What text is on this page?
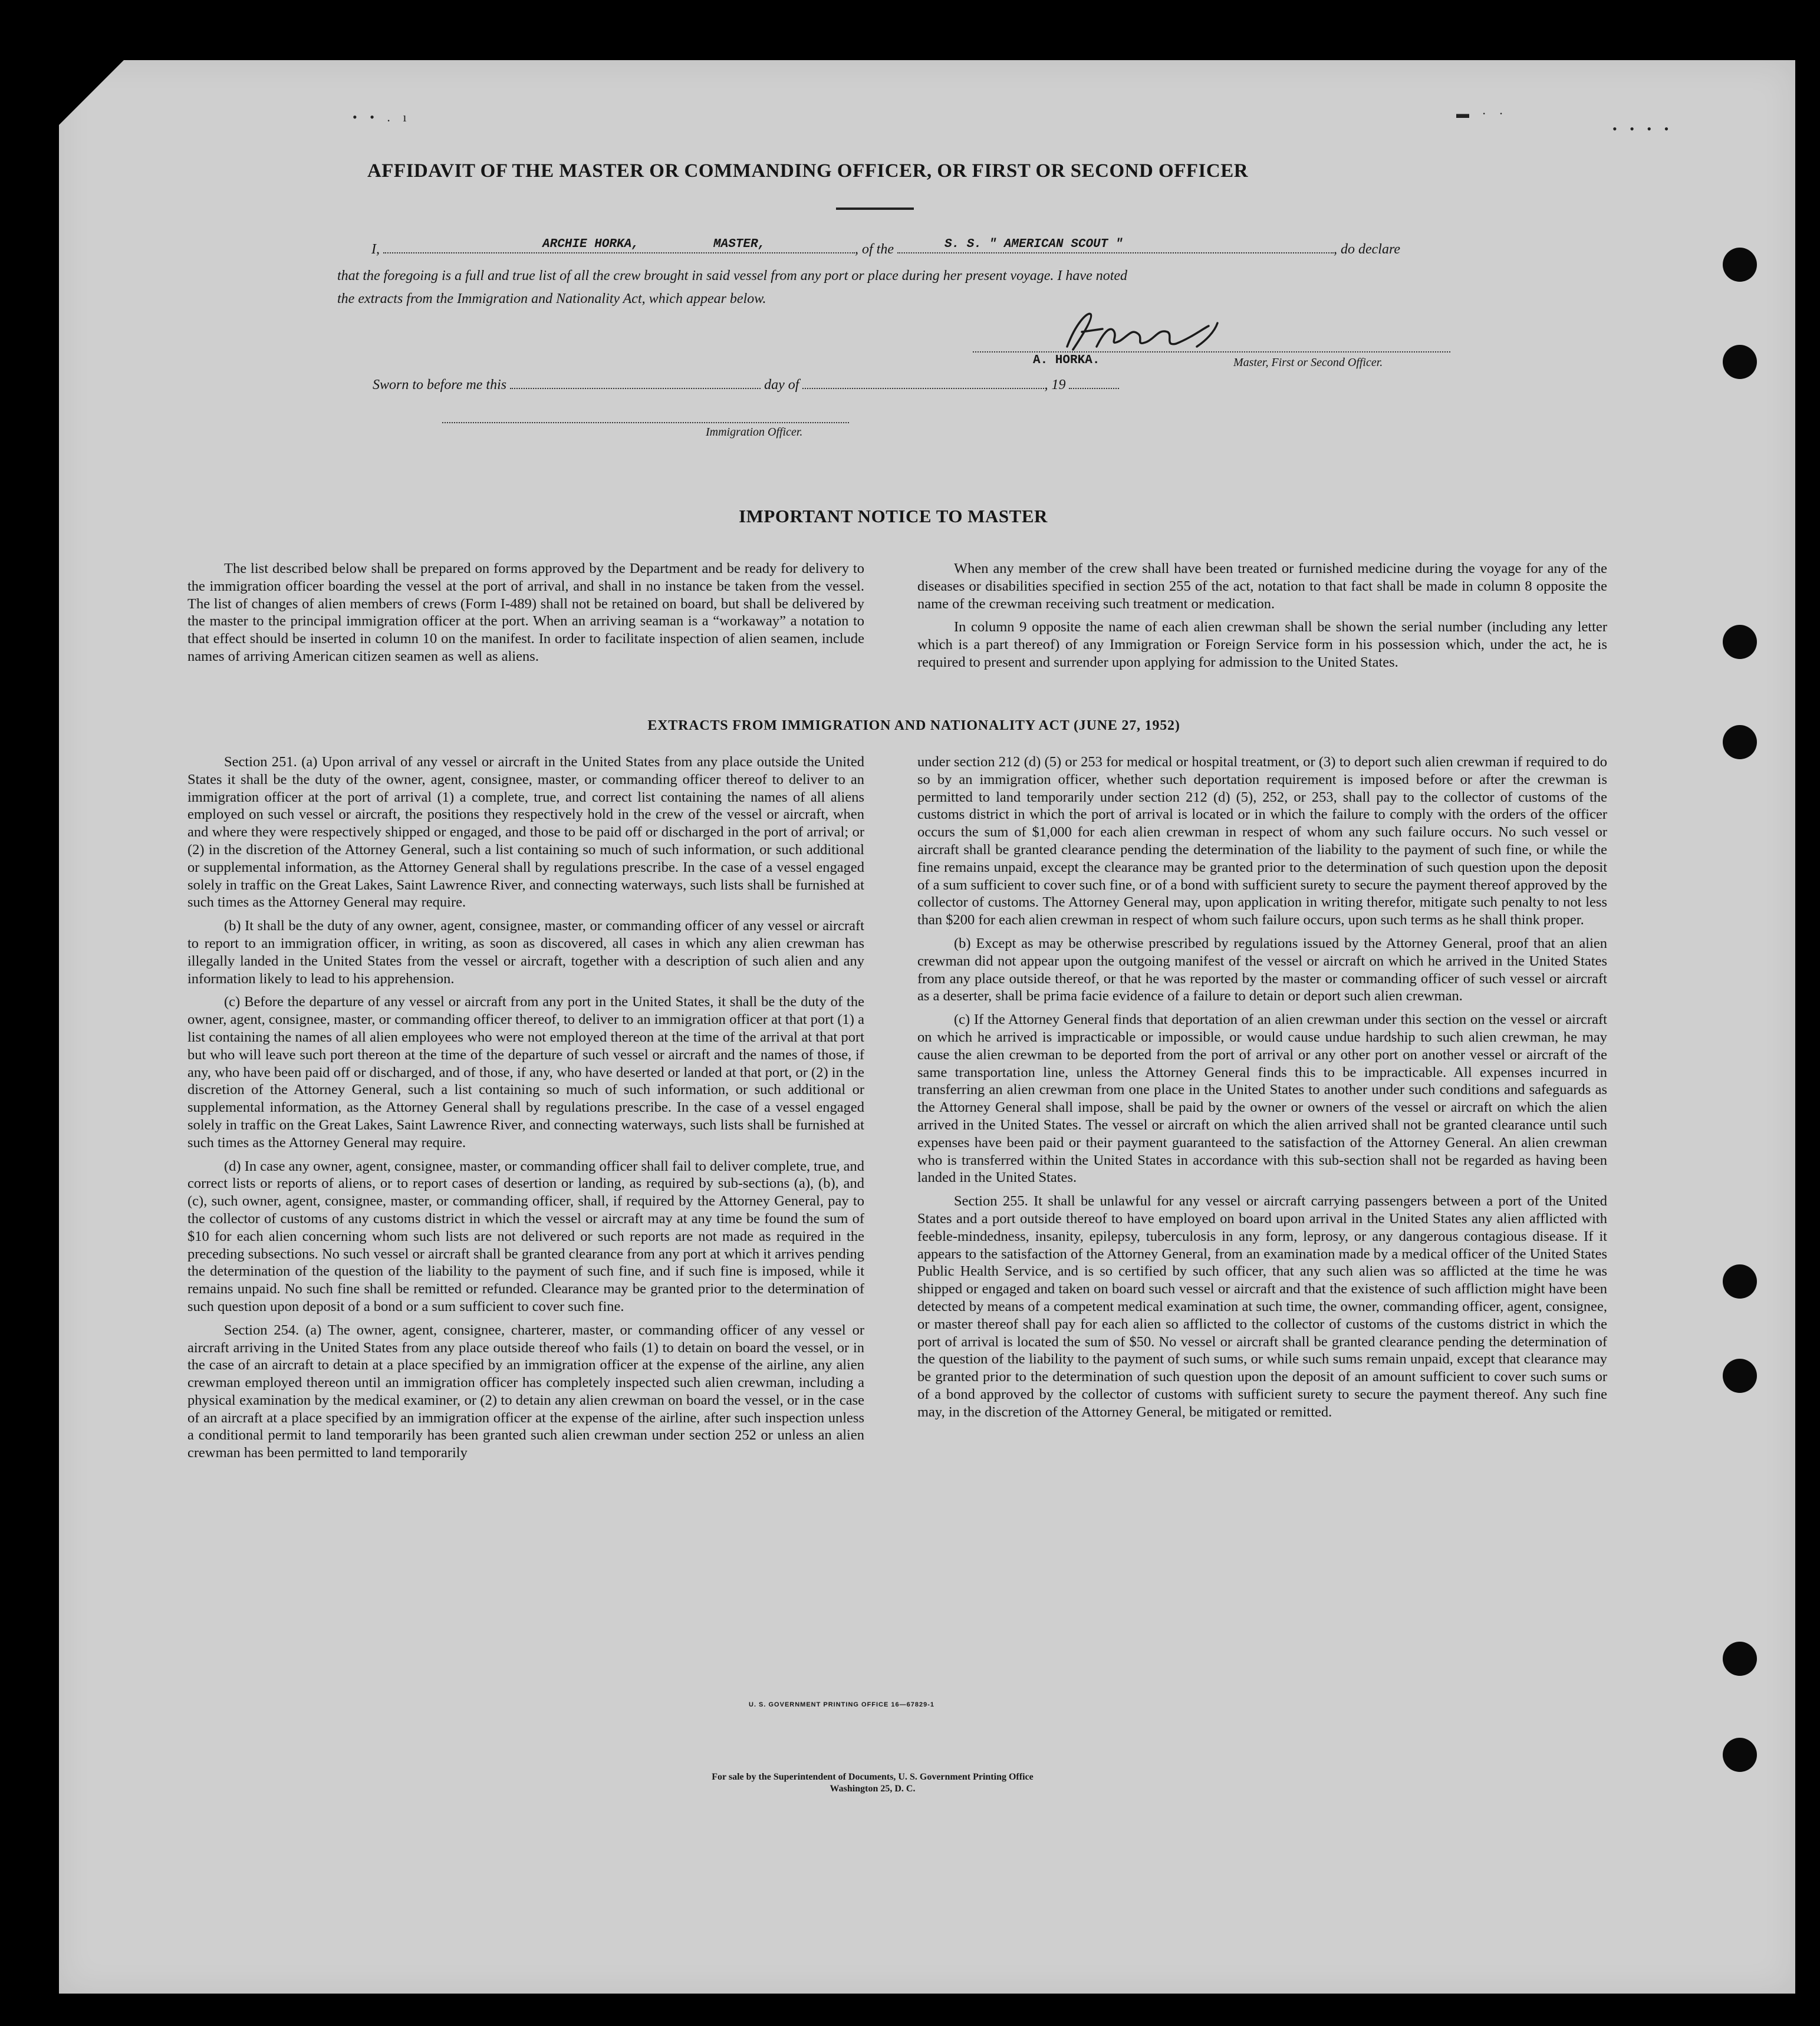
• • . ı	▬ · ·
• • • •
AFFIDAVIT OF THE MASTER OR COMMANDING OFFICER, OR FIRST OR SECOND OFFICER
I,	ARCHIE HORKA,	MASTER,	, of the	S. S. " AMERICAN SCOUT "	, do declare
that the foregoing is a full and true list of all the crew brought in said vessel from any port or place during her present voyage. I have noted
the extracts from the Immigration and Nationality Act, which appear below.
A. HORKA.	Master, First or Second Officer.
Sworn to before me this	day of	, 19
Immigration Officer.
IMPORTANT NOTICE TO MASTER

The list described below shall be prepared on forms approved by the Department and be ready for delivery to the immigration officer boarding the vessel at the port of arrival, and shall in no instance be taken from the vessel. The list of changes of alien members of crews (Form I-489) shall not be retained on board, but shall be delivered by the master to the principal immigration officer at the port. When an arriving seaman is a “workaway” a notation to that effect should be inserted in column 10 on the manifest. In order to facilitate inspection of alien seamen, include names of arriving American citizen seamen as well as aliens.

When any member of the crew shall have been treated or furnished medicine during the voyage for any of the diseases or disabilities specified in section 255 of the act, notation to that fact shall be made in column 8 opposite the name of the crewman receiving such treatment or medication.

In column 9 opposite the name of each alien crewman shall be shown the serial number (including any letter which is a part thereof) of any Immigration or Foreign Service form in his possession which, under the act, he is required to present and surrender upon applying for admission to the United States.

EXTRACTS FROM IMMIGRATION AND NATIONALITY ACT (JUNE 27, 1952)

Section 251. (a) Upon arrival of any vessel or aircraft in the United States from any place outside the United States it shall be the duty of the owner, agent, consignee, master, or commanding officer thereof to deliver to an immigration officer at the port of arrival (1) a complete, true, and correct list containing the names of all aliens employed on such vessel or aircraft, the positions they respectively hold in the crew of the vessel or aircraft, when and where they were respectively shipped or engaged, and those to be paid off or discharged in the port of arrival; or (2) in the discretion of the Attorney General, such a list containing so much of such information, or such additional or supplemental information, as the Attorney General shall by regulations prescribe. In the case of a vessel engaged solely in traffic on the Great Lakes, Saint Lawrence River, and connecting waterways, such lists shall be furnished at such times as the Attorney General may require.

(b) It shall be the duty of any owner, agent, consignee, master, or commanding officer of any vessel or aircraft to report to an immigration officer, in writing, as soon as discovered, all cases in which any alien crewman has illegally landed in the United States from the vessel or aircraft, together with a description of such alien and any information likely to lead to his apprehension.

(c) Before the departure of any vessel or aircraft from any port in the United States, it shall be the duty of the owner, agent, consignee, master, or commanding officer thereof, to deliver to an immigration officer at that port (1) a list containing the names of all alien employees who were not employed thereon at the time of the arrival at that port but who will leave such port thereon at the time of the departure of such vessel or aircraft and the names of those, if any, who have been paid off or discharged, and of those, if any, who have deserted or landed at that port, or (2) in the discretion of the Attorney General, such a list containing so much of such information, or such additional or supplemental information, as the Attorney General shall by regulations prescribe. In the case of a vessel engaged solely in traffic on the Great Lakes, Saint Lawrence River, and connecting waterways, such lists shall be furnished at such times as the Attorney General may require.

(d) In case any owner, agent, consignee, master, or commanding officer shall fail to deliver complete, true, and correct lists or reports of aliens, or to report cases of desertion or landing, as required by sub-sections (a), (b), and (c), such owner, agent, consignee, master, or commanding officer, shall, if required by the Attorney General, pay to the collector of customs of any customs district in which the vessel or aircraft may at any time be found the sum of $10 for each alien concerning whom such lists are not delivered or such reports are not made as required in the preceding subsections. No such vessel or aircraft shall be granted clearance from any port at which it arrives pending the determination of the question of the liability to the payment of such fine, and if such fine is imposed, while it remains unpaid. No such fine shall be remitted or refunded. Clearance may be granted prior to the determination of such question upon deposit of a bond or a sum sufficient to cover such fine.

Section 254. (a) The owner, agent, consignee, charterer, master, or commanding officer of any vessel or aircraft arriving in the United States from any place outside thereof who fails (1) to detain on board the vessel, or in the case of an aircraft to detain at a place specified by an immigration officer at the expense of the airline, any alien crewman employed thereon until an immigration officer has completely inspected such alien crewman, including a physical examination by the medical examiner, or (2) to detain any alien crewman on board the vessel, or in the case of an aircraft at a place specified by an immigration officer at the expense of the airline, after such inspection unless a conditional permit to land temporarily has been granted such alien crewman under section 252 or unless an alien crewman has been permitted to land temporarily

under section 212 (d) (5) or 253 for medical or hospital treatment, or (3) to deport such alien crewman if required to do so by an immigration officer, whether such deportation requirement is imposed before or after the crewman is permitted to land temporarily under section 212 (d) (5), 252, or 253, shall pay to the collector of customs of the customs district in which the port of arrival is located or in which the failure to comply with the orders of the officer occurs the sum of $1,000 for each alien crewman in respect of whom any such failure occurs. No such vessel or aircraft shall be granted clearance pending the determination of the liability to the payment of such fine, or while the fine remains unpaid, except the clearance may be granted prior to the determination of such question upon the deposit of a sum sufficient to cover such fine, or of a bond with sufficient surety to secure the payment thereof approved by the collector of customs. The Attorney General may, upon application in writing therefor, mitigate such penalty to not less than $200 for each alien crewman in respect of whom such failure occurs, upon such terms as he shall think proper.

(b) Except as may be otherwise prescribed by regulations issued by the Attorney General, proof that an alien crewman did not appear upon the outgoing manifest of the vessel or aircraft on which he arrived in the United States from any place outside thereof, or that he was reported by the master or commanding officer of such vessel or aircraft as a deserter, shall be prima facie evidence of a failure to detain or deport such alien crewman.

(c) If the Attorney General finds that deportation of an alien crewman under this section on the vessel or aircraft on which he arrived is impracticable or impossible, or would cause undue hardship to such alien crewman, he may cause the alien crewman to be deported from the port of arrival or any other port on another vessel or aircraft of the same transportation line, unless the Attorney General finds this to be impracticable. All expenses incurred in transferring an alien crewman from one place in the United States to another under such conditions and safeguards as the Attorney General shall impose, shall be paid by the owner or owners of the vessel or aircraft on which the alien arrived in the United States. The vessel or aircraft on which the alien arrived shall not be granted clearance until such expenses have been paid or their payment guaranteed to the satisfaction of the Attorney General. An alien crewman who is transferred within the United States in accordance with this sub-section shall not be regarded as having been landed in the United States.

Section 255. It shall be unlawful for any vessel or aircraft carrying passengers between a port of the United States and a port outside thereof to have employed on board upon arrival in the United States any alien afflicted with feeble-mindedness, insanity, epilepsy, tuberculosis in any form, leprosy, or any dangerous contagious disease. If it appears to the satisfaction of the Attorney General, from an examination made by a medical officer of the United States Public Health Service, and is so certified by such officer, that any such alien was so afflicted at the time he was shipped or engaged and taken on board such vessel or aircraft and that the existence of such affliction might have been detected by means of a competent medical examination at such time, the owner, commanding officer, agent, consignee, or master thereof shall pay for each alien so afflicted to the collector of customs of the customs district in which the port of arrival is located the sum of $50. No vessel or aircraft shall be granted clearance pending the determination of the question of the liability to the payment of such sums, or while such sums remain unpaid, except that clearance may be granted prior to the determination of such question upon the deposit of an amount sufficient to cover such sums or of a bond approved by the collector of customs with sufficient surety to secure the payment thereof. Any such fine may, in the discretion of the Attorney General, be mitigated or remitted.

U. S. GOVERNMENT PRINTING OFFICE 16—67829-1
For sale by the Superintendent of Documents, U. S. Government Printing Office
Washington 25, D. C.
